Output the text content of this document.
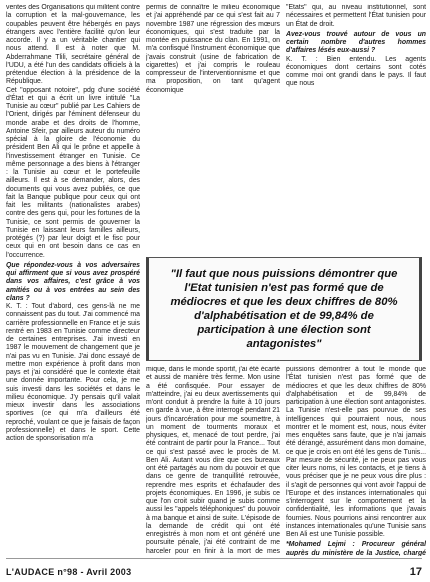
ventes des Organisations qui militent contre la corruption et la mal-gouvernance, les coupables peuvent être hébergés en pays étrangers avec l'entière facilité qu'on leur accorde. Il y a un véritable chantier qui nous attend. Il est à noter que M. Abderrahmane Tlili, secrétaire général de l'UDU, a été l'un des candidats officiels à la prétendue élection à la présidence de la République.

Cet "opposant notoire", pdg d'une société d'État et qui a écrit un livre intitulé "La Tunisie au cœur" publié par Les Cahiers de l'Orient, dirigés par l'éminent défenseur du monde arabe et des droits de l'homme, Antoine Sfeir, par ailleurs auteur du numéro spécial à la gloire de l'économie du président Ben Ali qui le prône et appelle à l'investissement étranger en Tunisie. Ce même personnage a des biens à l'étranger : la Tunisie au cœur et le portefeuille ailleurs. Il est à se demander, alors, des documents qui vous avez publiés, ce que fait la Banque publique pour ceux qui ont fait les militants (nationalistes arabes) contre des gens qui, pour les fortunes de la Tunisie, ce sont permis de gouverner la Tunisie en laissant leurs familles ailleurs, protégés (?) par leur doigt et le fisc pour ceux qui en ont besoin dans ce cas en l'occurrence.

Que répondez-vous à vos adversaires qui affirment que si vous avez prospéré dans vos affaires, c'est grâce à vos amitiés ou à vos entrées au sein des clans ?

K. T. : Tout d'abord, ces gens-là ne me connaissent pas du tout. J'ai commencé ma carrière professionnelle en France et je suis rentré en 1983 en Tunisie comme directeur de certaines entreprises. J'ai investi en 1987 le mouvement de changement que je n'ai pas vu en Tunisie. J'ai donc essayé de mettre mon expérience à profit dans mon pays et j'ai considéré que le contexte était une donnée importante. Pour cela, je me suis investi dans les sociétés et dans le milieu économique. J'y pensais qu'il valait mieux investir dans les associations sportives (ce qui m'a d'ailleurs été reproché, voulant ce que je faisais de façon professionnelle) et dans le sport. Cette action de sponsorisation m'a

permis de connaître le milieu économique et j'ai appréhendé par ce qui s'est fait au 7 novembre 1987 une régression des mœurs économiques, qui s'est traduite par la montée en puissance du clan. En 1991, on m'a confisqué l'instrument économique que j'avais construit (usine de fabrication de cigarettes) et j'ai compris le rouleau compresseur de l'interventionnisme et que ma proposition, on tant qu'agent économique

"États" qui, au niveau institutionnel, sont nécessaires et permettent l'État tunisien pour un État de droit.

Avez-vous trouvé autour de vous un certain nombre d'autres hommes d'affaires lésés eux-aussi ?

K. T. : Bien entendu. Les agents économiques dont certains sont cotés comme moi ont grandi dans le pays. Il faut que nous

"Il faut que nous puissions démontrer que l'Etat tunisien n'est pas formé que de médiocres et que les deux chiffres de 80% d'alphabétisation et de 99,84% de participation à une élection sont antagonistes"

mique, dans le monde sportif, j'ai été écarté et aussi de manière très ferme. Mon usine a été confisquée. Pour essayer de m'atteindre, j'ai eu deux avertissements qui m'ont conduit à prendre la fuite à 10 jours en garde à vue, à être interrogé pendant 21 jours d'incarcération pour me soumettre, à un moment de tourments moraux et physiques, et, menacé de tout perdre, j'ai été contraint de partir pour la France... Tout ce qui s'est passé avec le procès de M. Ben Ali. Autant vous dire que ces bureaux ont été partagés au nom du pouvoir et que dans ce genre de tranquillité retrouvée, reprendre mes esprits et échafauder des projets économiques. En 1996, je subis ce que l'on croit subir quand je subis comme aussi les "appels téléphoniques" du pouvoir à ma banque et ainsi de suite. L'épisode de la demande de crédit qui ont été enregistrés à mon nom et ont généré une poursuite pénale, j'ai été contraint de me harceler pour en finir à la mort de mes

puissions démontrer à tout le monde que l'État tunisien n'est pas formé que de médiocres et que les deux chiffres de 80% d'alphabétisation et de 99,84% de participation à une élection sont antagonistes. La Tunisie n'est-elle pas pourvue de ses intelligences qui pourraient nous, nous montrer et le moment est, nous, nous éviter mes enquêtes sans faute, que je n'ai jamais été dérangé, assurément dans mon domaine, ce que je crois en ont été les gens de Tunis... Par mesure de sécurité, je ne peux pas vous citer leurs noms, ni les contacts, et je tiens à vous préciser que je ne peux vous dire plus : il s'agit de personnes qui vont avoir l'appui de l'Europe et des instances internationales qui s'interrogent sur le comportement et la confidentialité, les informations que j'avais fournies. Nous pourrions ainsi rencontrer aux instances internationales qu'une Tunisie sans Ben Ali est une Tunisie possible.

*Mohamed Lejmi : Procureur général auprès du ministère de la Justice, chargé

L'AUDACE n°98 - Avril 2003	17
